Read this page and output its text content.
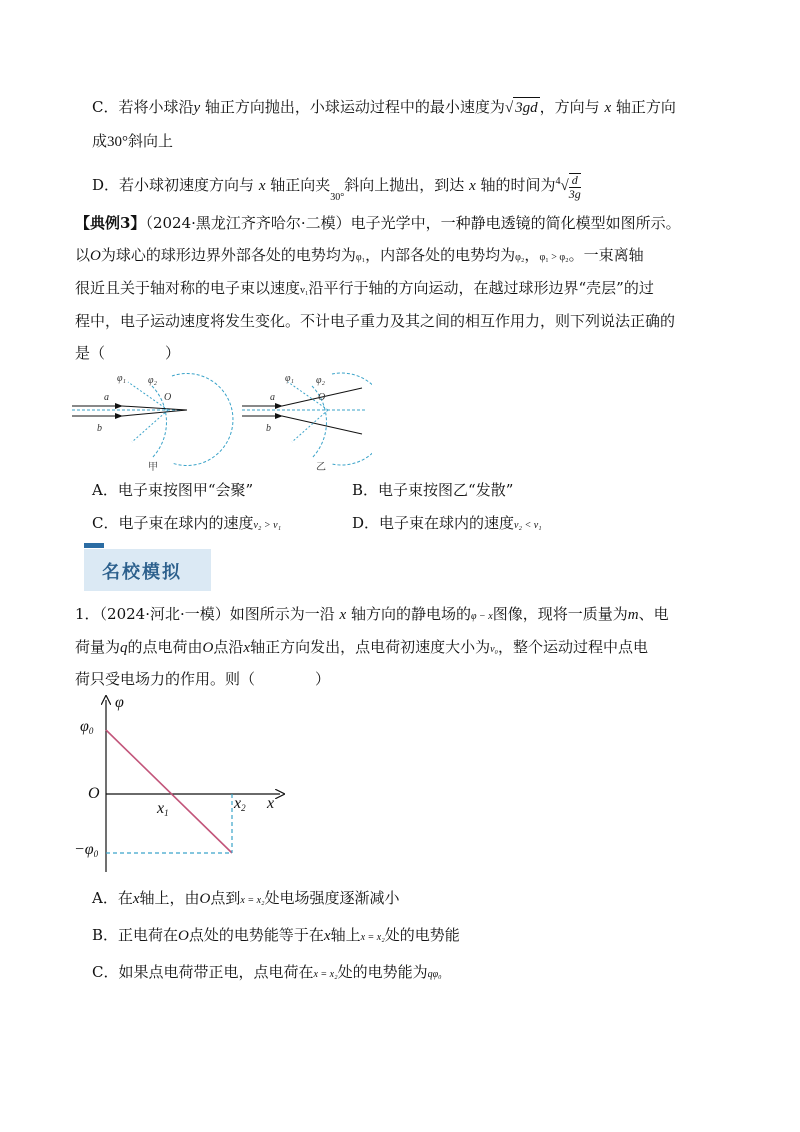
C．若将小球沿y 轴正方向抛出，小球运动过程中的最小速度为√ 3gd ，方向与 x 轴正方向
成30°斜向上
D．若小球初速度方向与 x 轴正向夹$_{30^\circ}$斜向上抛出，到达 x 轴的时间为$^4√ \frac{d}{3g}$
【典例3】（2024·黑龙江齐齐哈尔·二模）电子光学中，一种静电透镜的简化模型如图所示。
以O为球心的球形边界外部各处的电势均为φ₁，内部各处的电势均为φ₂，φ₁ > φ₂。一束离轴
很近且关于轴对称的电子束以速度v₁沿平行于轴的方向运动，在越过球形边界“壳层”的过
程中，电子运动速度将发生变化。不计电子重力及其之间的相互作用力，则下列说法正确的
是（　　　　）
φ₁ φ₂
a
b
O
甲
φ₁ φ₂
a
b
O
乙
A．电子束按图甲“会聚”	B．电子束按图乙“发散”
C．电子束在球内的速度v₂ > v₁	D．电子束在球内的速度v₂ < v₁
名校模拟
1．（2024·河北·一模）如图所示为一沿 x 轴方向的静电场的φ − x图像，现将一质量为m、电
荷量为q的点电荷由O点沿x轴正方向发出，点电荷初速度大小为v₀，整个运动过程中点电
荷只受电场力的作用。则（　　　　）
φ
x
$\varphi_0$
$-\varphi_0$
O
$x_1$
$x_2$
A．在x轴上，由O点到x = x₂处电场强度逐渐减小
B．正电荷在O点处的电势能等于在x轴上x = x₂处的电势能
C．如果点电荷带正电，点电荷在x = x₂处的电势能为qφ₀
